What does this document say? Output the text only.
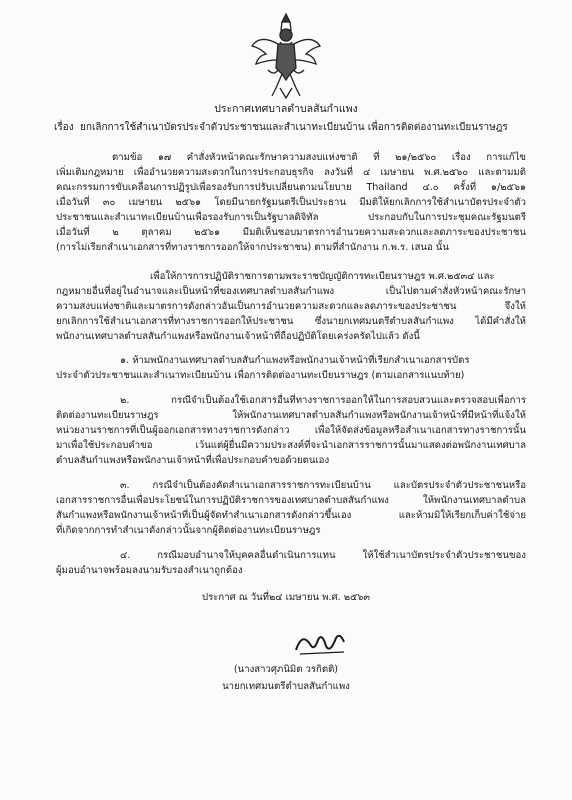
ประกาศเทศบาลตำบลสันกำแพง

เรื่อง ยกเลิกการใช้สำเนาบัตรประจำตัวประชาชนและสำเนาทะเบียนบ้าน เพื่อการติดต่องานทะเบียนราษฎร

ตามข้อ ๑๗ คำสั่งหัวหน้าคณะรักษาความสงบแห่งชาติ ที่ ๒๑/๒๕๖๐ เรื่อง การแก้ไข

เพิ่มเติมกฎหมาย เพื่ออำนวยความสะดวกในการประกอบธุรกิจ ลงวันที่ ๔ เมษายน พ.ศ.๒๕๖๐ และตามมติ

คณะกรรมการขับเคลื่อนการปฏิรูปเพื่อรองรับการปรับเปลี่ยนตามนโยบาย Thailand ๔.๐ ครั้งที่ ๑/๒๕๖๑

เมื่อวันที่ ๓๐ เมษายน ๒๕๖๑ โดยมีนายกรัฐมนตรีเป็นประธาน มีมติให้ยกเลิกการใช้สำเนาบัตรประจำตัว

ประชาชนและสำเนาทะเบียนบ้านเพื่อรองรับการเป็นรัฐบาลดิจิทัล ประกอบกับในการประชุมคณะรัฐมนตรี

เมื่อวันที่ ๒ ตุลาคม ๒๕๖๑ มีมติเห็นชอบมาตรการอำนวยความสะดวกและลดภาระของประชาชน

(การไม่เรียกสำเนาเอกสารที่ทางราชการออกให้จากประชาชน) ตามที่สำนักงาน ก.พ.ร. เสนอ นั้น

เพื่อให้การการปฏิบัติราชการตามพระราชบัญญัติการทะเบียนราษฎร พ.ศ.๒๕๓๔ และ

กฎหมายอื่นที่อยู่ในอำนาจและเป็นหน้าที่ของเทศบาลตำบลสันกำแพง เป็นไปตามคำสั่งหัวหน้าคณะรักษา

ความสงบแห่งชาติและมาตรการดังกล่าวอันเป็นการอำนวยความสะดวกและลดภาระของประชาชน จึงให้

ยกเลิกการใช้สำเนาเอกสารที่ทางราชการออกให้ประชาชน ซึ่งนายกเทศมนตรีตำบลสันกำแพง ได้มีคำสั่งให้

พนักงานเทศบาลตำบลสันกำแพงหรือพนักงานเจ้าหน้าที่ถือปฏิบัติโดยเคร่งครัดไปแล้ว ดังนี้

๑. ห้ามพนักงานเทศบาลตำบลสันกำแพงหรือพนักงานเจ้าหน้าที่เรียกสำเนาเอกสารบัตร

ประจำตัวประชาชนและสำเนาทะเบียนบ้าน เพื่อการติดต่องานทะเบียนราษฎร (ตามเอกสารแนบท้าย)

๒. กรณีจำเป็นต้องใช้เอกสารอื่นที่ทางราชการออกให้ในการสอบสวนและตรวจสอบเพื่อการ

ติดต่องานทะเบียนราษฎร ให้พนักงานเทศบาลตำบลสันกำแพงหรือพนักงานเจ้าหน้าที่มีหน้าที่แจ้งให้

หน่วยงานราชการที่เป็นผู้ออกเอกสารทางราชการดังกล่าว เพื่อให้จัดส่งข้อมูลหรือสำเนาเอกสารทางราชการนั้น

มาเพื่อใช้ประกอบคำขอ เว้นแต่ผู้ยื่นมีความประสงค์ที่จะนำเอกสารราชการนั้นมาแสดงต่อพนักงานเทศบาล

ตำบลสันกำแพงหรือพนักงานเจ้าหน้าที่เพื่อประกอบคำขอด้วยตนเอง

๓. กรณีจำเป็นต้องคัดสำเนาเอกสารราชการทะเบียนบ้าน และบัตรประจำตัวประชาชนหรือ

เอกสารราชการอื่นเพื่อประโยชน์ในการปฏิบัติราชการของเทศบาลตำบลสันกำแพง ให้พนักงานเทศบาลตำบล

สันกำแพงหรือพนักงานเจ้าหน้าที่เป็นผู้จัดทำสำเนาเอกสารดังกล่าวขึ้นเอง และห้ามมิให้เรียกเก็บค่าใช้จ่าย

ที่เกิดจากการทำสำเนาดังกล่าวนั้นจากผู้ติดต่องานทะเบียนราษฎร

๔. กรณีมอบอำนาจให้บุคคลอื่นดำเนินการแทน ให้ใช้สำเนาบัตรประจำตัวประชาชนของ

ผู้มอบอำนาจพร้อมลงนามรับรองสำเนาถูกต้อง

(นางสาวศุภนิมิต วรกิตติ)

นายกเทศมนตรีตำบลสันกำแพง

ประกาศ ณ วันที่๒๔ เมษายน พ.ศ. ๒๕๖๓
